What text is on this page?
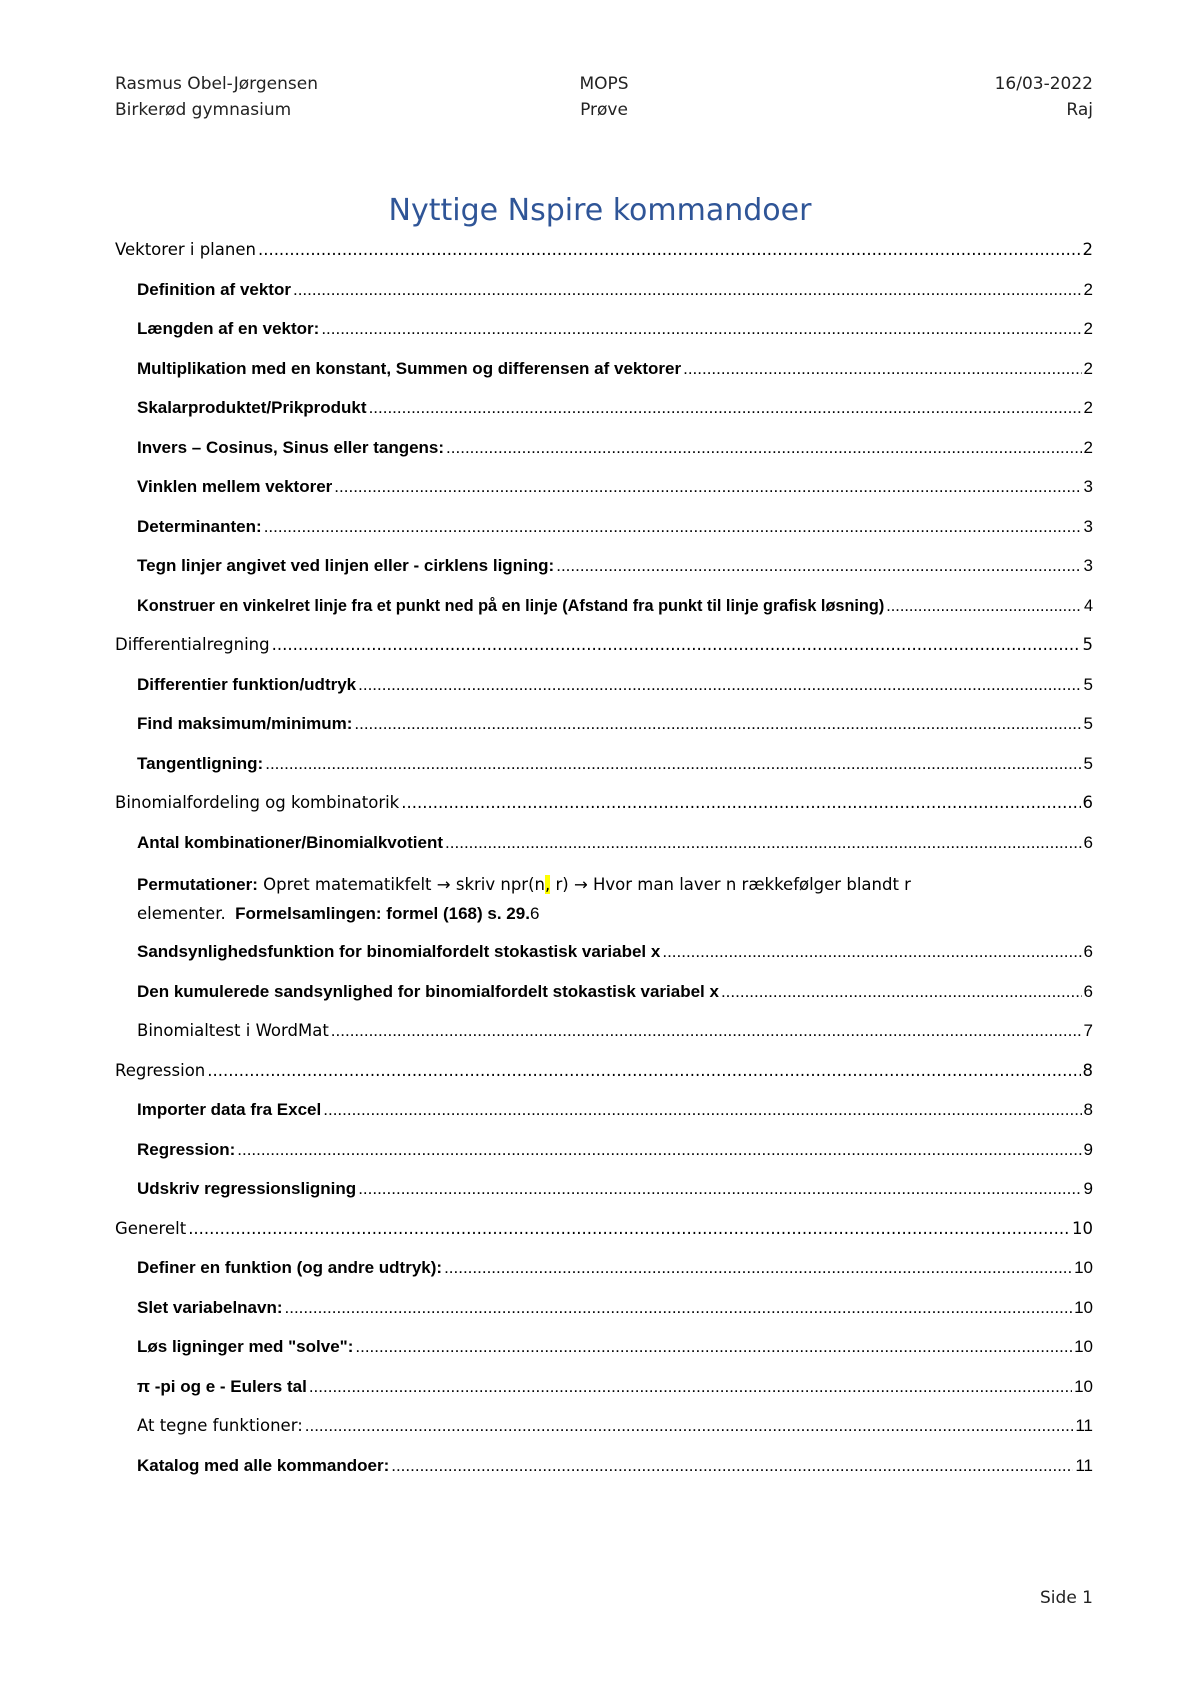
Rasmus Obel-Jørgensen	MOPS	16/03-2022
Birkerød gymnasium	Prøve	Raj
Nyttige Nspire kommandoer
Vektorer i planen .....	2
Definition af vektor .....	2
Længden af en vektor: .....	2
Multiplikation med en konstant, Summen og differensen af vektorer .....	2
Skalarproduktet/Prikprodukt .....	2
Invers – Cosinus, Sinus eller tangens: .....	2
Vinklen mellem vektorer .....	3
Determinanten: .....	3
Tegn linjer angivet ved linjen eller - cirklens ligning: .....	3
Konstruer en vinkelret linje fra et punkt ned på en linje (Afstand fra punkt til linje grafisk løsning) .....	4
Differentialregning .....	5
Differentier funktion/udtryk .....	5
Find maksimum/minimum: .....	5
Tangentligning: .....	5
Binomialfordeling og kombinatorik .....	6
Antal kombinationer/Binomialkvotient .....	6
Permutationer: Opret matematikfelt → skriv npr(n, r) → Hvor man laver n rækkefølger blandt r
elementer. Formelsamlingen: formel (168) s. 29. 6
Sandsynlighedsfunktion for binomialfordelt stokastisk variabel x .....	6
Den kumulerede sandsynlighed for binomialfordelt stokastisk variabel x .....	6
Binomialtest i WordMat .....	7
Regression .....	8
Importer data fra Excel .....	8
Regression: .....	9
Udskriv regressionsligning .....	9
Generelt .....	10
Definer en funktion (og andre udtryk): .....	10
Slet variabelnavn: .....	10
Løs ligninger med "solve": .....	10
π -pi og e - Eulers tal .....	10
At tegne funktioner: .....	11
Katalog med alle kommandoer: .....	11
Side 1
